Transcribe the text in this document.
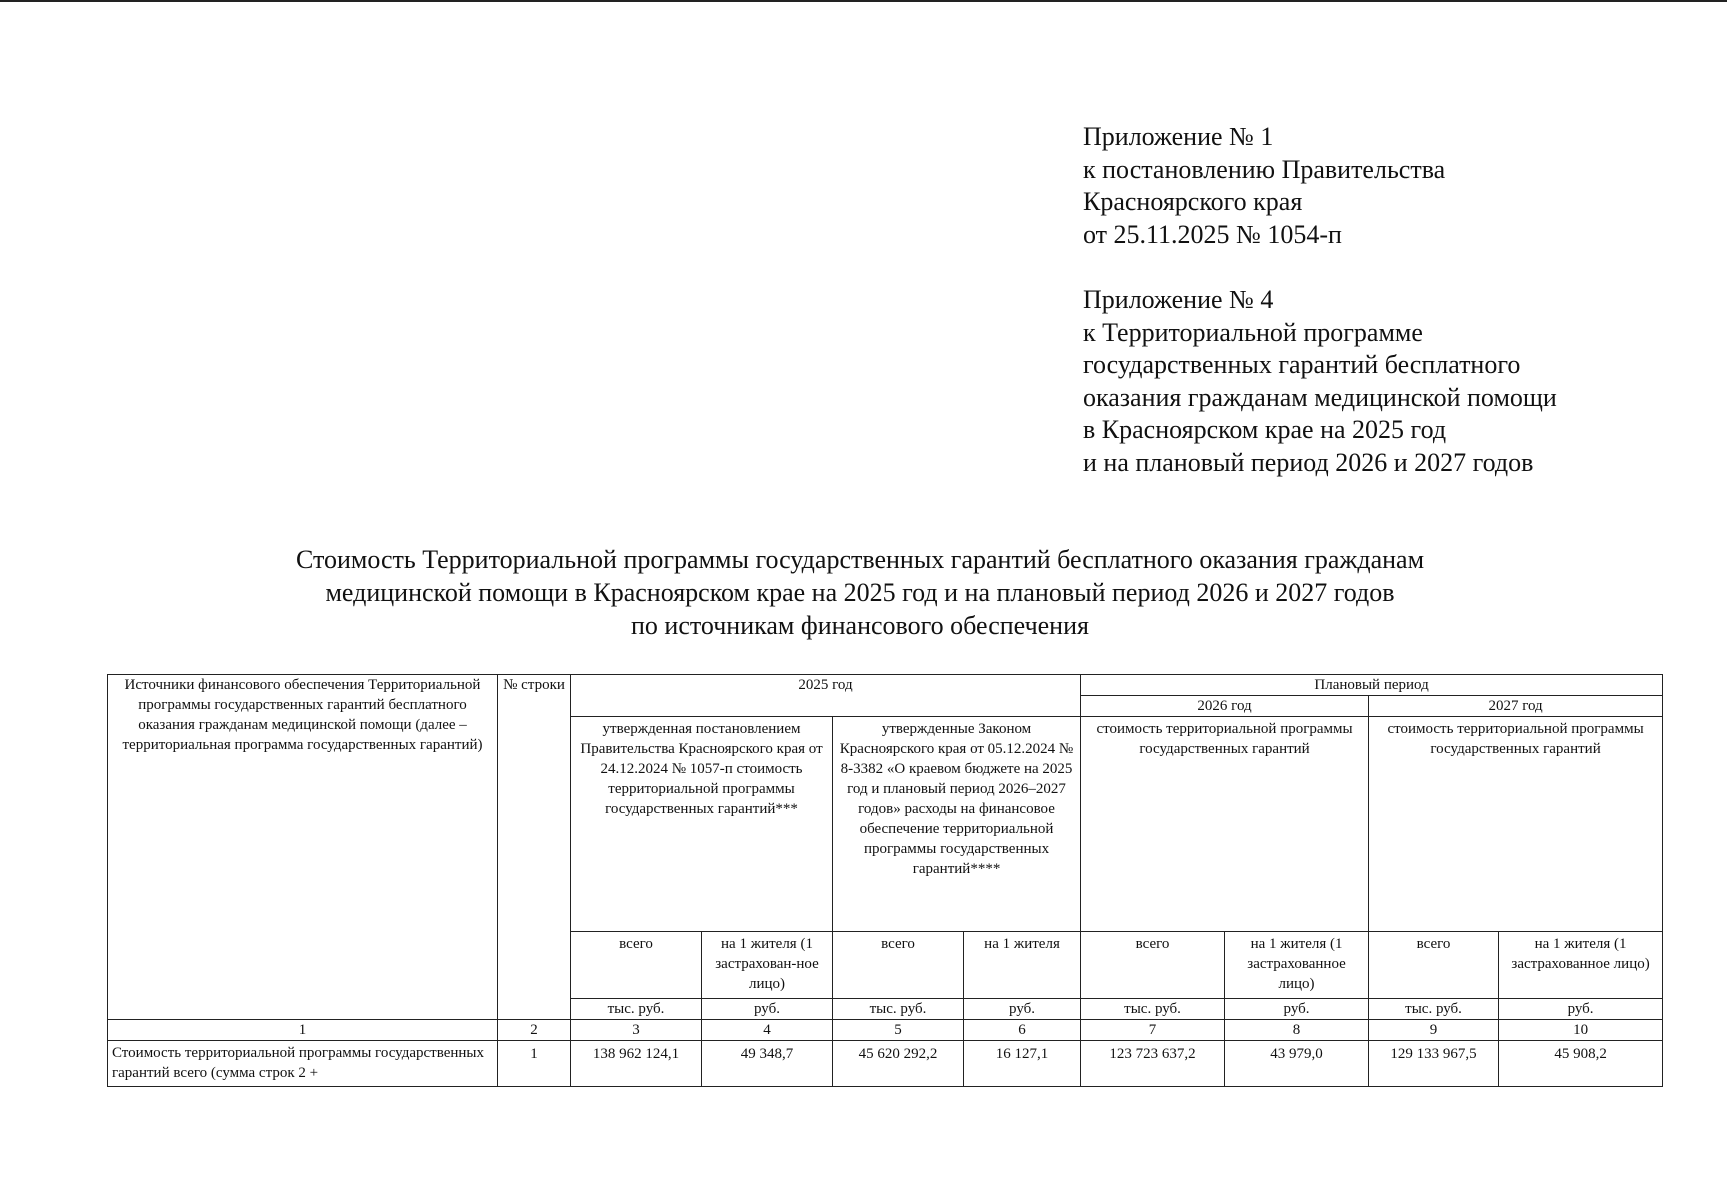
Приложение № 1
к постановлению Правительства
Красноярского края
от 25.11.2025 № 1054-п
Приложение № 4
к Территориальной программе
государственных гарантий бесплатного
оказания гражданам медицинской помощи
в Красноярском крае на 2025 год
и на плановый период 2026 и 2027 годов
Стоимость Территориальной программы государственных гарантий бесплатного оказания гражданам
медицинской помощи в Красноярском крае на 2025 год и на плановый период 2026 и 2027 годов
по источникам финансового обеспечения
Источники финансового обеспечения Территориальной программы государственных гарантий бесплатного оказания гражданам медицинской помощи (далее – территориальная программа государственных гарантий)	№ строки	2025 год				Плановый период			
						2026 год		2027 год	
		утвержденная постановлением Правительства Красноярского края от 24.12.2024 № 1057-п стоимость территориальной программы государственных гарантий***		утвержденные Законом Красноярского края от 05.12.2024 № 8-3382 «О краевом бюджете на 2025 год и плановый период 2026–2027 годов» расходы на финансовое обеспечение территориальной программы государственных гарантий****		стоимость территориальной программы государственных гарантий		стоимость территориальной программы государственных гарантий	
		всего	на 1 жителя (1 застрахован-ное лицо)	всего	на 1 жителя	всего	на 1 жителя (1 застрахованное лицо)	всего	на 1 жителя (1 застрахованное лицо)
		тыс. руб.	руб.	тыс. руб.	руб.	тыс. руб.	руб.	тыс. руб.	руб.
1	2	3	4	5	6	7	8	9	10

Стоимость территориальной программы государственных гарантий всего (сумма строк 2 +	1	138 962 124,1	49 348,7	45 620 292,2	16 127,1	123 723 637,2	43 979,0	129 133 967,5	45 908,2
